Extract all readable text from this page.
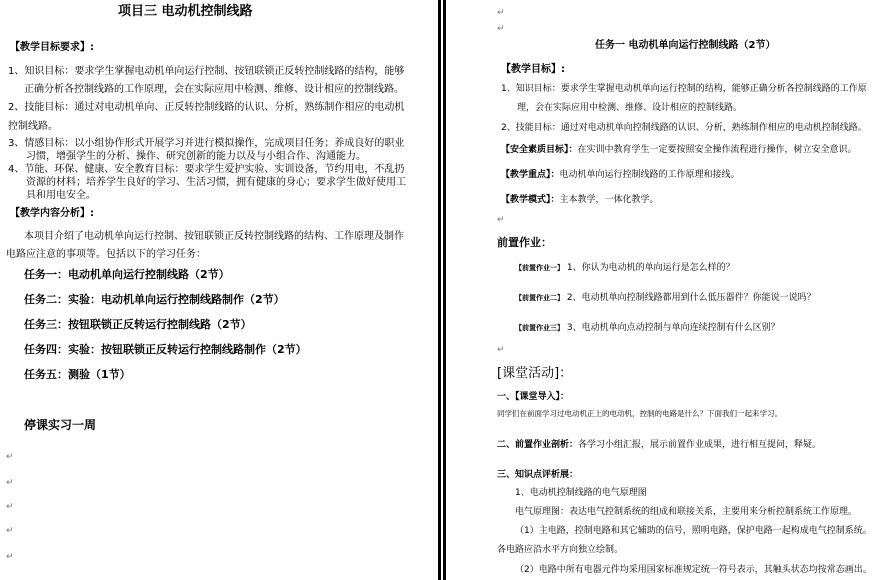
项目三 电动机控制线路
【教学目标要求】:
1、知识目标：要求学生掌握电动机单向运行控制、按钮联锁正反转控制线路的结构，能够
正确分析各控制线路的工作原理，会在实际应用中检测、维修、设计相应的控制线路。
2、技能目标：通过对电动机单向、正反转控制线路的认识、分析，熟练制作相应的电动机
控制线路。
3、情感目标：以小组协作形式开展学习并进行模拟操作，完成项目任务；养成良好的职业
习惯，增强学生的分析、操作、研究创新的能力以及与小组合作、沟通能力。
4、节能、环保、健康、安全教育目标：要求学生爱护实验、实训设备，节约用电，不乱扔
资源的材料；培养学生良好的学习、生活习惯，拥有健康的身心；要求学生做好使用工
具和用电安全。
【教学内容分析】:
本项目介绍了电动机单向运行控制、按钮联锁正反转控制线路的结构、工作原理及制作
电路应注意的事项等。包括以下的学习任务：
任务一：电动机单向运行控制线路（2节）
任务二：实验：电动机单向运行控制线路制作（2节）
任务三：按钮联锁正反转运行控制线路（2节）
任务四：实验：按钮联锁正反转运行控制线路制作（2节）
任务五：测验（1节）
停课实习一周
↵
↵
↵
↵
↵
↵
↵
任务一 电动机单向运行控制线路（2节）
【教学目标】:
1、知识目标：要求学生掌握电动机单向运行控制的结构，能够正确分析各控制线路的工作原
理，会在实际应用中检测、维修、设计相应的控制线路。
2、技能目标：通过对电动机单向控制线路的认识、分析，熟练制作相应的电动机控制线路。
【安全素质目标】：在实训中教育学生一定要按照安全操作流程进行操作，树立安全意识。
【教学重点】：电动机单向运行控制线路的工作原理和接线。
【教学模式】：主本教学，一体化教学。
↵
前置作业：
【前置作业一】 1、你认为电动机的单向运行是怎么样的？
【前置作业二】 2、电动机单向控制线路都用到什么低压器件？你能说一说吗？
【前置作业三】 3、电动机单向点动控制与单向连续控制有什么区别？
↵
[课堂活动]：
一、【课堂导入】：
同学们在前面学习过电动机正上的电动机，控制的电路是什么？下面我们一起来学习。
二、前置作业剖析：各学习小组汇报，展示前置作业成果，进行相互提问，释疑。
三、知识点评析展：
1、电动机控制线路的电气原理图
电气原理图：表达电气控制系统的组成和联接关系，主要用来分析控制系统工作原理。
（1）主电路，控制电路和其它辅助的信号，照明电路，保护电路一起构成电气控制系统。
各电路应沿水平方向独立绘制。
（2）电路中所有电器元件均采用国家标准规定统一符号表示，其触头状态均按常态画出。
